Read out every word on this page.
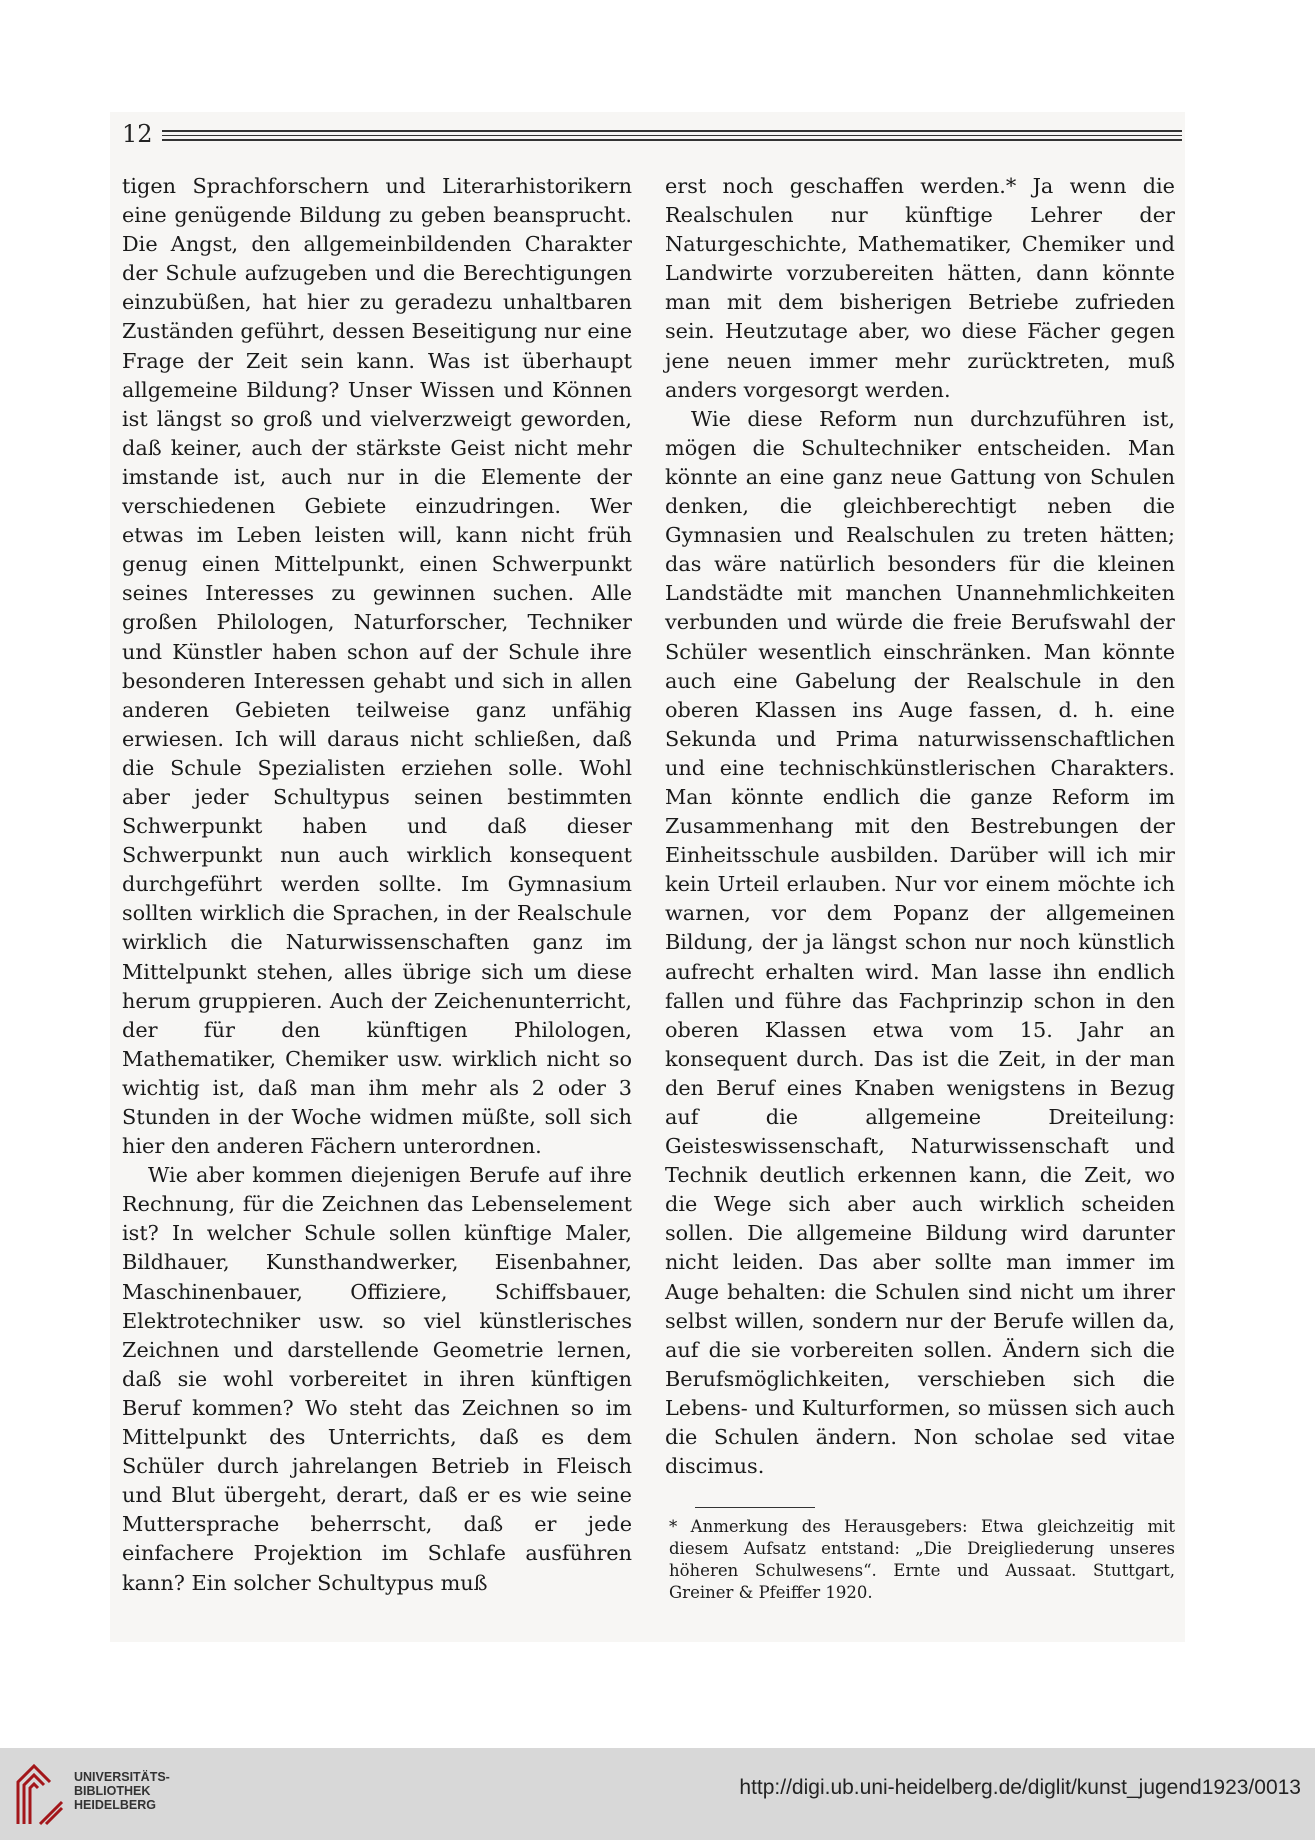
12

tigen Sprachforschern und Literarhistorikern eine genügende Bildung zu geben beansprucht. Die Angst, den allgemeinbildenden Charakter der Schule aufzugeben und die Berechtigungen einzubüßen, hat hier zu geradezu unhaltbaren Zuständen geführt, dessen Beseitigung nur eine Frage der Zeit sein kann. Was ist überhaupt allgemeine Bildung? Unser Wissen und Können ist längst so groß und vielverzweigt geworden, daß keiner, auch der stärkste Geist nicht mehr imstande ist, auch nur in die Elemente der verschiedenen Gebiete einzudringen. Wer etwas im Leben leisten will, kann nicht früh genug einen Mittelpunkt, einen Schwerpunkt seines Interesses zu gewinnen suchen. Alle großen Philologen, Naturforscher, Techniker und Künstler haben schon auf der Schule ihre besonderen Interessen gehabt und sich in allen anderen Gebieten teilweise ganz unfähig erwiesen. Ich will daraus nicht schließen, daß die Schule Spezialisten erziehen solle. Wohl aber jeder Schultypus seinen bestimmten Schwerpunkt haben und daß dieser Schwerpunkt nun auch wirklich konsequent durchgeführt werden sollte. Im Gymnasium sollten wirklich die Sprachen, in der Realschule wirklich die Naturwissenschaften ganz im Mittelpunkt stehen, alles übrige sich um diese herum gruppieren. Auch der Zeichenunterricht, der für den künftigen Philologen, Mathematiker, Chemiker usw. wirklich nicht so wichtig ist, daß man ihm mehr als 2 oder 3 Stunden in der Woche widmen müßte, soll sich hier den anderen Fächern unterordnen.

Wie aber kommen diejenigen Berufe auf ihre Rechnung, für die Zeichnen das Lebenselement ist? In welcher Schule sollen künftige Maler, Bildhauer, Kunsthandwerker, Eisenbahner, Maschinenbauer, Offiziere, Schiffsbauer, Elektrotechniker usw. so viel künstlerisches Zeichnen und darstellende Geometrie lernen, daß sie wohl vorbereitet in ihren künftigen Beruf kommen? Wo steht das Zeichnen so im Mittelpunkt des Unterrichts, daß es dem Schüler durch jahrelangen Betrieb in Fleisch und Blut übergeht, derart, daß er es wie seine Muttersprache beherrscht, daß er jede einfachere Projektion im Schlafe ausführen kann? Ein solcher Schultypus muß

erst noch geschaffen werden.* Ja wenn die Realschulen nur künftige Lehrer der Naturgeschichte, Mathematiker, Chemiker und Landwirte vorzubereiten hätten, dann könnte man mit dem bisherigen Betriebe zufrieden sein. Heutzutage aber, wo diese Fächer gegen jene neuen immer mehr zurücktreten, muß anders vorgesorgt werden.

Wie diese Reform nun durchzuführen ist, mögen die Schultechniker entscheiden. Man könnte an eine ganz neue Gattung von Schulen denken, die gleichberechtigt neben die Gymnasien und Realschulen zu treten hätten; das wäre natürlich besonders für die kleinen Landstädte mit manchen Unannehmlichkeiten verbunden und würde die freie Berufswahl der Schüler wesentlich einschränken. Man könnte auch eine Gabelung der Realschule in den oberen Klassen ins Auge fassen, d. h. eine Sekunda und Prima naturwissenschaftlichen und eine technischkünstlerischen Charakters. Man könnte endlich die ganze Reform im Zusammenhang mit den Bestrebungen der Einheitsschule ausbilden. Darüber will ich mir kein Urteil erlauben. Nur vor einem möchte ich warnen, vor dem Popanz der allgemeinen Bildung, der ja längst schon nur noch künstlich aufrecht erhalten wird. Man lasse ihn endlich fallen und führe das Fachprinzip schon in den oberen Klassen etwa vom 15. Jahr an konsequent durch. Das ist die Zeit, in der man den Beruf eines Knaben wenigstens in Bezug auf die allgemeine Dreiteilung: Geisteswissenschaft, Naturwissenschaft und Technik deutlich erkennen kann, die Zeit, wo die Wege sich aber auch wirklich scheiden sollen. Die allgemeine Bildung wird darunter nicht leiden. Das aber sollte man immer im Auge behalten: die Schulen sind nicht um ihrer selbst willen, sondern nur der Berufe willen da, auf die sie vorbereiten sollen. Ändern sich die Berufsmöglichkeiten, verschieben sich die Lebens- und Kulturformen, so müssen sich auch die Schulen ändern. Non scholae sed vitae discimus.

* Anmerkung des Herausgebers: Etwa gleichzeitig mit diesem Aufsatz entstand: „Die Dreigliederung unseres höheren Schulwesens“. Ernte und Aussaat. Stuttgart, Greiner & Pfeiffer 1920.

UNIVERSITÄTS-
BIBLIOTHEK
HEIDELBERG
http://digi.ub.uni-heidelberg.de/diglit/kunst_jugend1923/0013
